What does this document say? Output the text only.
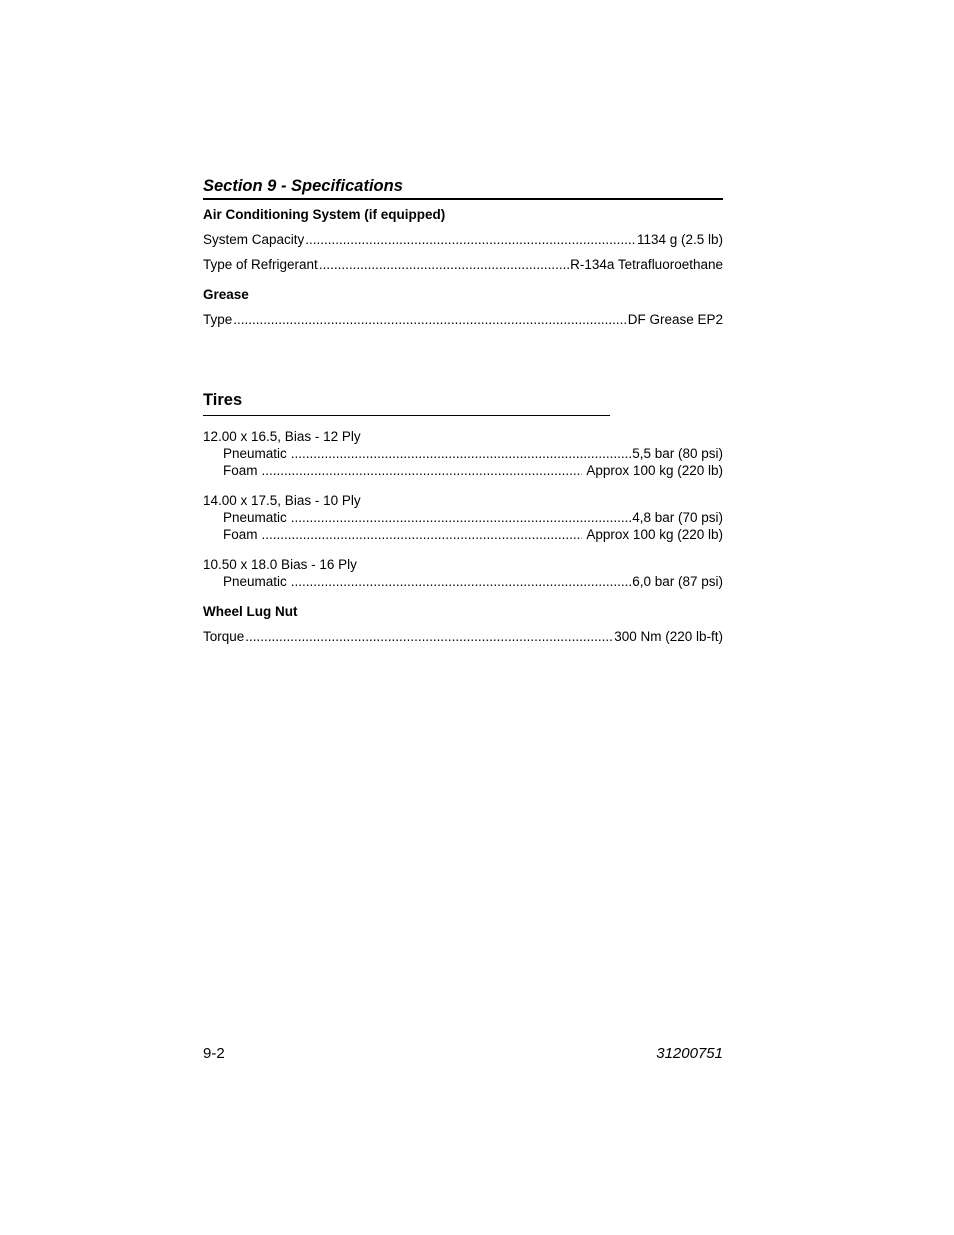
Section 9 - Specifications
Air Conditioning System (if equipped)
System Capacity .....	1134 g (2.5 lb)
Type of Refrigerant .....	R-134a Tetrafluoroethane
Grease
Type .....	DF Grease EP2
Tires
12.00 x 16.5, Bias - 12 Ply
Pneumatic .....	5,5 bar (80 psi)
Foam .....	Approx 100 kg (220 lb)
14.00 x 17.5, Bias - 10 Ply
Pneumatic .....	4,8 bar (70 psi)
Foam .....	Approx 100 kg (220 lb)
10.50 x 18.0 Bias - 16 Ply
Pneumatic .....	6,0 bar (87 psi)
Wheel Lug Nut
Torque .....	300 Nm (220 lb-ft)
9-2	31200751
